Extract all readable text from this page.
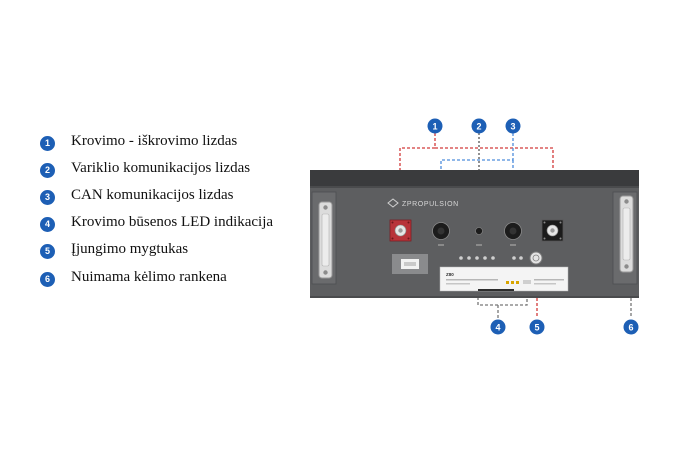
1	Krovimo - iškrovimo lizdas
2	Variklio komunikacijos lizdas
3	CAN komunikacijos lizdas
4	Krovimo būsenos LED indikacija
5	Įjungimo mygtukas
6	Nuimama kėlimo rankena
1	2	3
4	5	6
ZPROPULSION
Z80
